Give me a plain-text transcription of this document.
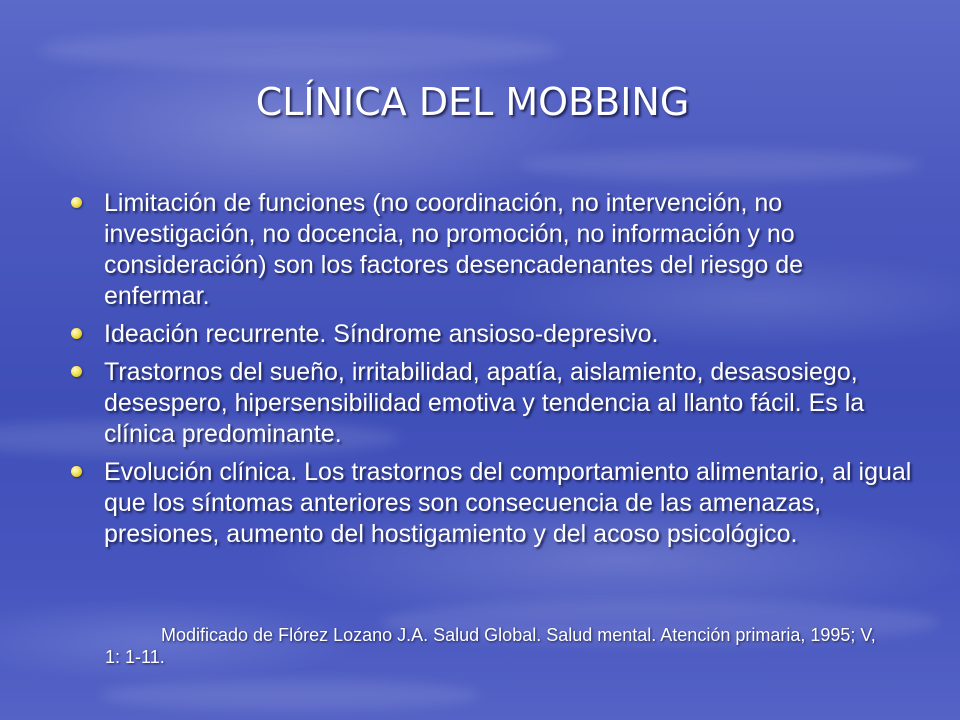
CLÍNICA DEL MOBBING
Limitación de funciones (no coordinación, no intervención, no investigación, no docencia, no promoción, no información y no consideración) son los factores desencadenantes del riesgo de enfermar.
Ideación recurrente. Síndrome ansioso-depresivo.
Trastornos del sueño, irritabilidad, apatía, aislamiento, desasosiego, desespero, hipersensibilidad emotiva y tendencia al llanto fácil. Es la clínica predominante.
Evolución clínica. Los trastornos del comportamiento alimentario, al igual que los síntomas anteriores son consecuencia de las amenazas, presiones, aumento del hostigamiento y del acoso psicológico.
Modificado de Flórez Lozano J.A. Salud Global. Salud mental. Atención primaria, 1995; V, 1: 1-11.
